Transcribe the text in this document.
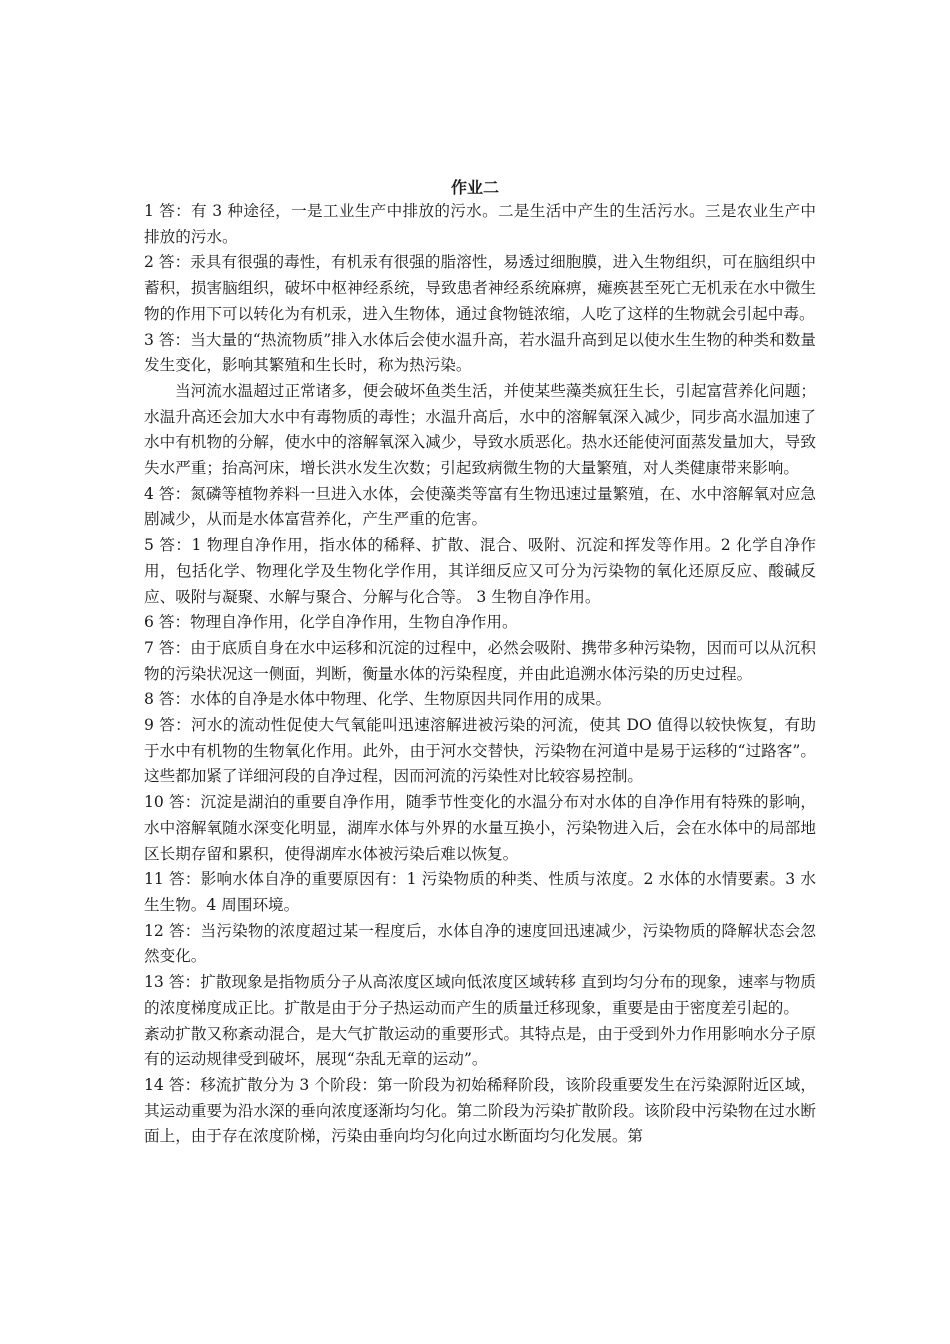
作业二

1 答：有 3 种途径，一是工业生产中排放的污水。二是生活中产生的生活污水。三是农业生产中排放的污水。

2 答：汞具有很强的毒性，有机汞有很强的脂溶性，易透过细胞膜，进入生物组织，可在脑组织中蓄积，损害脑组织，破坏中枢神经系统，导致患者神经系统麻痹，瘫痪甚至死亡无机汞在水中微生物的作用下可以转化为有机汞，进入生物体，通过食物链浓缩，人吃了这样的生物就会引起中毒。

3 答：当大量的“热流物质”排入水体后会使水温升高，若水温升高到足以使水生生物的种类和数量发生变化，影响其繁殖和生长时，称为热污染。

当河流水温超过正常诸多，便会破坏鱼类生活，并使某些藻类疯狂生长，引起富营养化问题；水温升高还会加大水中有毒物质的毒性；水温升高后，水中的溶解氧深入减少，同步高水温加速了水中有机物的分解，使水中的溶解氧深入减少，导致水质恶化。热水还能使河面蒸发量加大，导致失水严重；抬高河床，增长洪水发生次数；引起致病微生物的大量繁殖，对人类健康带来影响。

4 答：氮磷等植物养料一旦进入水体，会使藻类等富有生物迅速过量繁殖，在、水中溶解氧对应急剧减少，从而是水体富营养化，产生严重的危害。

5 答：1 物理自净作用，指水体的稀释、扩散、混合、吸附、沉淀和挥发等作用。2 化学自净作用，包括化学、物理化学及生物化学作用，其详细反应又可分为污染物的氧化还原反应、酸碱反应、吸附与凝聚、水解与聚合、分解与化合等。 3 生物自净作用。

6 答：物理自净作用，化学自净作用，生物自净作用。

7 答：由于底质自身在水中运移和沉淀的过程中，必然会吸附、携带多种污染物，因而可以从沉积物的污染状况这一侧面，判断，衡量水体的污染程度，并由此追溯水体污染的历史过程。

8 答：水体的自净是水体中物理、化学、生物原因共同作用的成果。

9 答：河水的流动性促使大气氧能叫迅速溶解进被污染的河流，使其 DO 值得以较快恢复，有助于水中有机物的生物氧化作用。此外，由于河水交替快，污染物在河道中是易于运移的“过路客”。这些都加紧了详细河段的自净过程，因而河流的污染性对比较容易控制。

10 答：沉淀是湖泊的重要自净作用，随季节性变化的水温分布对水体的自净作用有特殊的影响，水中溶解氧随水深变化明显，湖库水体与外界的水量互换小，污染物进入后，会在水体中的局部地区长期存留和累积，使得湖库水体被污染后难以恢复。

11 答：影响水体自净的重要原因有：1 污染物质的种类、性质与浓度。2 水体的水情要素。3 水生生物。4 周围环境。

12 答：当污染物的浓度超过某一程度后，水体自净的速度回迅速减少，污染物质的降解状态会忽然变化。

13 答：扩散现象是指物质分子从高浓度区域向低浓度区域转移 直到均匀分布的现象，速率与物质的浓度梯度成正比。扩散是由于分子热运动而产生的质量迁移现象，重要是由于密度差引起的。

紊动扩散又称紊动混合，是大气扩散运动的重要形式。其特点是，由于受到外力作用影响水分子原有的运动规律受到破坏，展现“杂乱无章的运动”。

14 答：移流扩散分为 3 个阶段：第一阶段为初始稀释阶段，该阶段重要发生在污染源附近区域，其运动重要为沿水深的垂向浓度逐渐均匀化。第二阶段为污染扩散阶段。该阶段中污染物在过水断面上，由于存在浓度阶梯，污染由垂向均匀化向过水断面均匀化发展。第
